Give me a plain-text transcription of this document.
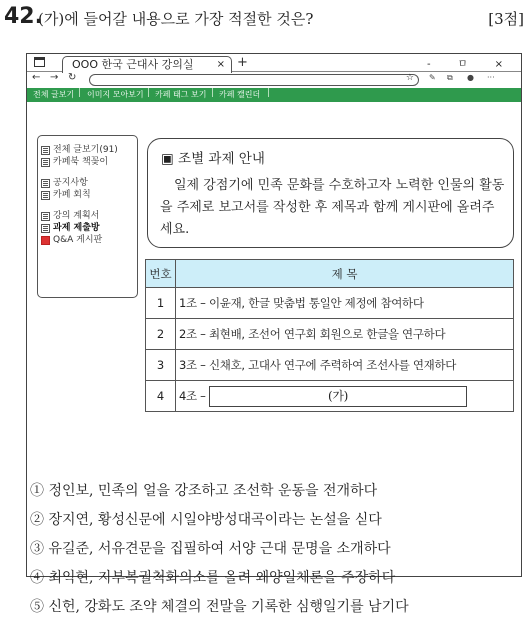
42.
(가)에 들어갈 내용으로 가장 적절한 것은?	[3점]
OOO 한국 근대사 강의실 × +	- ㅁ ×
← → ↻	☆ ✎ ⧉ ● ···
전체 글보기 | 이미지 모아보기 | 카페 태그 보기 | 카페 캘린더 |
전체 글보기(91)
카페북 책꽂이
공지사항
카페 회칙
강의 계획서
과제 제출방
Q&A 게시판
▣ 조별 과제 안내
일제 강점기에 민족 문화를 수호하고자 노력한 인물의 활동을 주제로 보고서를 작성한 후 제목과 함께 게시판에 올려주세요.
번호	제 목
1	1조 – 이윤재, 한글 맞춤법 통일안 제정에 참여하다
2	2조 – 최현배, 조선어 연구회 회원으로 한글을 연구하다
3	3조 – 신채호, 고대사 연구에 주력하여 조선사를 연재하다
4	4조 – (가)
① 정인보, 민족의 얼을 강조하고 조선학 운동을 전개하다
② 장지연, 황성신문에 시일야방성대곡이라는 논설을 싣다
③ 유길준, 서유견문을 집필하여 서양 근대 문명을 소개하다
④ 최익현, 지부복궐척화의소를 올려 왜양일체론을 주장하다
⑤ 신헌, 강화도 조약 체결의 전말을 기록한 심행일기를 남기다
